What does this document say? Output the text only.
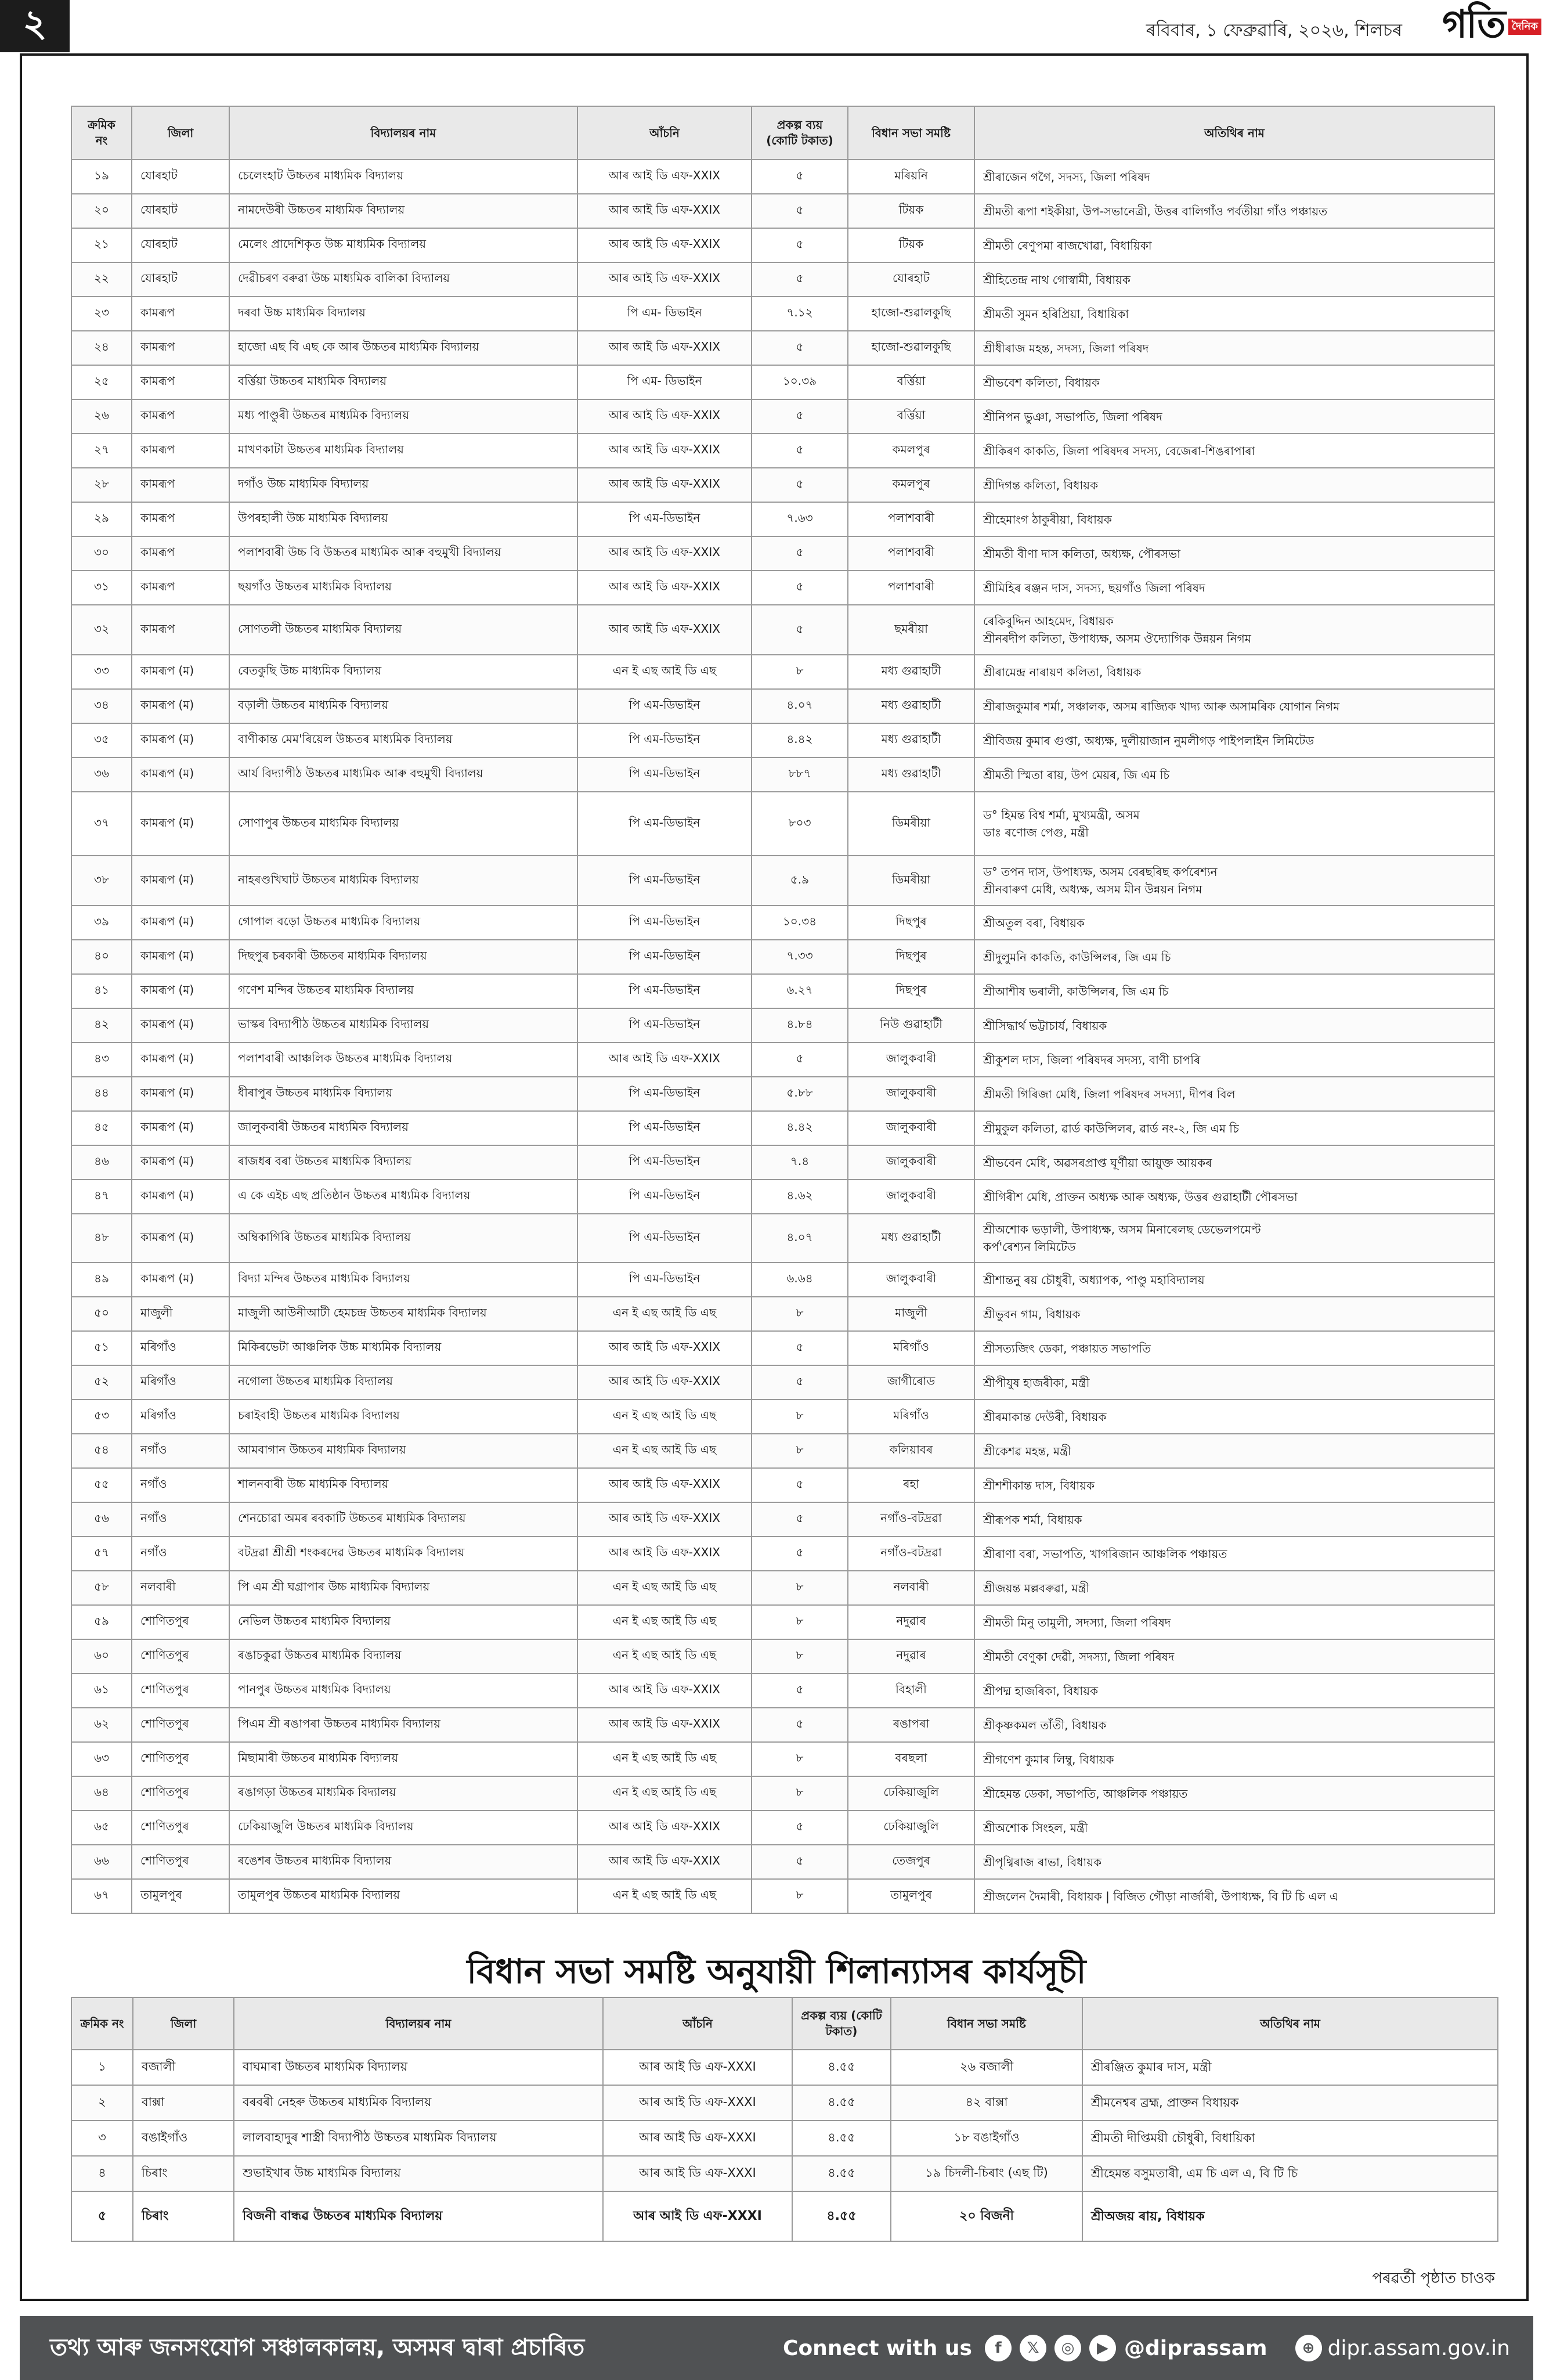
২	ৰবিবাৰ, ১ ফেব্ৰুৱাৰি, ২০২৬, শিলচৰ গতি দৈনিক
ক্ৰমিক নং	জিলা	বিদ্যালয়ৰ নাম	আঁচনি	প্ৰকল্প ব্যয় (কোটি টকাত)	বিধান সভা সমষ্টি	অতিথিৰ নাম
১৯	যোৰহাট	চেলেংহাট উচ্চতৰ মাধ্যমিক বিদ্যালয়	আৰ আই ডি এফ-XXIX	৫	মৰিয়নি	শ্ৰীৰাজেন গগৈ, সদস্য, জিলা পৰিষদ
২০	যোৰহাট	নামদেউৰী উচ্চতৰ মাধ্যমিক বিদ্যালয়	আৰ আই ডি এফ-XXIX	৫	টিয়ক	শ্ৰীমতী ৰূপা শইকীয়া, উপ-সভানেত্ৰী, উত্তৰ বালিগাঁও পৰ্বতীয়া গাঁও পঞ্চায়ত
২১	যোৰহাট	মেলেং প্ৰাদেশিকৃত উচ্চ মাধ্যমিক বিদ্যালয়	আৰ আই ডি এফ-XXIX	৫	টিয়ক	শ্ৰীমতী ৰেণুপমা ৰাজখোৱা, বিধায়িকা
২২	যোৰহাট	দেৱীচৰণ বৰুৱা উচ্চ মাধ্যমিক বালিকা বিদ্যালয়	আৰ আই ডি এফ-XXIX	৫	যোৰহাট	শ্ৰীহিতেন্দ্ৰ নাথ গোস্বামী, বিধায়ক
২৩	কামৰূপ	দৰবা উচ্চ মাধ্যমিক বিদ্যালয়	পি এম- ডিভাইন	৭.১২	হাজো-শুৱালকুছি	শ্ৰীমতী সুমন হৰিপ্ৰিয়া, বিধায়িকা
২৪	কামৰূপ	হাজো এছ বি এছ কে আৰ উচ্চতৰ মাধ্যমিক বিদ্যালয়	আৰ আই ডি এফ-XXIX	৫	হাজো-শুৱালকুছি	শ্ৰীধীৰাজ মহন্ত, সদস্য, জিলা পৰিষদ
২৫	কামৰূপ	বৰ্ত্তিয়া উচ্চতৰ মাধ্যমিক বিদ্যালয়	পি এম- ডিভাইন	১০.৩৯	বৰ্ত্তিয়া	শ্ৰীভবেশ কলিতা, বিধায়ক
২৬	কামৰূপ	মধ্য পাণ্ডুৰী উচ্চতৰ মাধ্যমিক বিদ্যালয়	আৰ আই ডি এফ-XXIX	৫	বৰ্ত্তিয়া	শ্ৰীনিপন ভুঞা, সভাপতি, জিলা পৰিষদ
২৭	কামৰূপ	মাখণকাটা উচ্চতৰ মাধ্যমিক বিদ্যালয়	আৰ আই ডি এফ-XXIX	৫	কমলপুৰ	শ্ৰীকিৰণ কাকতি, জিলা পৰিষদৰ সদস্য, বেজেৰা-শিঙৰাপাৰা
২৮	কামৰূপ	দগাঁও উচ্চ মাধ্যমিক বিদ্যালয়	আৰ আই ডি এফ-XXIX	৫	কমলপুৰ	শ্ৰীদিগন্ত কলিতা, বিধায়ক
২৯	কামৰূপ	উপৰহালী উচ্চ মাধ্যমিক বিদ্যালয়	পি এম-ডিভাইন	৭.৬৩	পলাশবাৰী	শ্ৰীহেমাংগ ঠাকুৰীয়া, বিধায়ক
৩০	কামৰূপ	পলাশবাৰী উচ্চ বি উচ্চতৰ মাধ্যমিক আৰু বহুমুখী বিদ্যালয়	আৰ আই ডি এফ-XXIX	৫	পলাশবাৰী	শ্ৰীমতী বীণা দাস কলিতা, অধ্যক্ষ, পৌৰসভা
৩১	কামৰূপ	ছয়গাঁও উচ্চতৰ মাধ্যমিক বিদ্যালয়	আৰ আই ডি এফ-XXIX	৫	পলাশবাৰী	শ্ৰীমিহিৰ ৰঞ্জন দাস, সদস্য, ছয়গাঁও জিলা পৰিষদ
৩২	কামৰূপ	সোণতলী উচ্চতৰ মাধ্যমিক বিদ্যালয়	আৰ আই ডি এফ-XXIX	৫	ছমৰীয়া	ৰেকিবুদ্দিন আহমেদ, বিধায়ক
শ্ৰীনৰদীপ কলিতা, উপাধ্যক্ষ, অসম ঔদ্যোগিক উন্নয়ন নিগম
৩৩	কামৰূপ (ম)	বেতকুছি উচ্চ মাধ্যমিক বিদ্যালয়	এন ই এছ আই ডি এছ	৮	মধ্য গুৱাহাটী	শ্ৰীৰামেন্দ্ৰ নাৰায়ণ কলিতা, বিধায়ক
৩৪	কামৰূপ (ম)	বড়ালী উচ্চতৰ মাধ্যমিক বিদ্যালয়	পি এম-ডিভাইন	৪.০৭	মধ্য গুৱাহাটী	শ্ৰীৰাজকুমাৰ শৰ্মা, সঞ্চালক, অসম ৰাজ্যিক খাদ্য আৰু অসামৰিক যোগান নিগম
৩৫	কামৰূপ (ম)	বাণীকান্ত মেম'ৰিয়েল উচ্চতৰ মাধ্যমিক বিদ্যালয়	পি এম-ডিভাইন	৪.৪২	মধ্য গুৱাহাটী	শ্ৰীবিজয় কুমাৰ গুপ্তা, অধ্যক্ষ, দুলীয়াজান নুমলীগড় পাইপলাইন লিমিটেড
৩৬	কামৰূপ (ম)	আৰ্য বিদ্যাপীঠ উচ্চতৰ মাধ্যমিক আৰু বহুমুখী বিদ্যালয়	পি এম-ডিভাইন	৮৮৭	মধ্য গুৱাহাটী	শ্ৰীমতী স্মিতা ৰায়, উপ মেয়ৰ, জি এম চি
৩৭	কামৰূপ (ম)	সোণাপুৰ উচ্চতৰ মাধ্যমিক বিদ্যালয়	পি এম-ডিভাইন	৮০৩	ডিমৰীয়া	ড° হিমন্ত বিশ্ব শৰ্মা, মুখ্যমন্ত্ৰী, অসম
ডাঃ ৰণোজ পেগু, মন্ত্ৰী
৩৮	কামৰূপ (ম)	নাহৰণ্ডখিঘাট উচ্চতৰ মাধ্যমিক বিদ্যালয়	পি এম-ডিভাইন	৫.৯	ডিমৰীয়া	ড° তপন দাস, উপাধ্যক্ষ, অসম বেৰছৰিছ কৰ্পৰেশ্যন
শ্ৰীনবাৰুণ মেধি, অধ্যক্ষ, অসম মীন উন্নয়ন নিগম
৩৯	কামৰূপ (ম)	গোপাল বড়ো উচ্চতৰ মাধ্যমিক বিদ্যালয়	পি এম-ডিভাইন	১০.৩৪	দিছপুৰ	শ্ৰীঅতুল বৰা, বিধায়ক
৪০	কামৰূপ (ম)	দিছপুৰ চৰকাৰী উচ্চতৰ মাধ্যমিক বিদ্যালয়	পি এম-ডিভাইন	৭.৩৩	দিছপুৰ	শ্ৰীদুলুমনি কাকতি, কাউন্সিলৰ, জি এম চি
৪১	কামৰূপ (ম)	গণেশ মন্দিৰ উচ্চতৰ মাধ্যমিক বিদ্যালয়	পি এম-ডিভাইন	৬.২৭	দিছপুৰ	শ্ৰীআশীষ ভৰালী, কাউন্সিলৰ, জি এম চি
৪২	কামৰূপ (ম)	ভাস্কৰ বিদ্যাপীঠ উচ্চতৰ মাধ্যমিক বিদ্যালয়	পি এম-ডিভাইন	৪.৮৪	নিউ গুৱাহাটী	শ্ৰীসিদ্ধাৰ্থ ভট্টাচাৰ্য, বিধায়ক
৪৩	কামৰূপ (ম)	পলাশবাৰী আঞ্চলিক উচ্চতৰ মাধ্যমিক বিদ্যালয়	আৰ আই ডি এফ-XXIX	৫	জালুকবাৰী	শ্ৰীকুশল দাস, জিলা পৰিষদৰ সদস্য, বাণী চাপৰি
৪৪	কামৰূপ (ম)	ধীৰাপুৰ উচ্চতৰ মাধ্যমিক বিদ্যালয়	পি এম-ডিভাইন	৫.৮৮	জালুকবাৰী	শ্ৰীমতী গিৰিজা মেধি, জিলা পৰিষদৰ সদস্যা, দীপৰ বিল
৪৫	কামৰূপ (ম)	জালুকবাৰী উচ্চতৰ মাধ্যমিক বিদ্যালয়	পি এম-ডিভাইন	৪.৪২	জালুকবাৰী	শ্ৰীমুকুল কলিতা, ৱাৰ্ড কাউন্সিলৰ, ৱাৰ্ড নং-২, জি এম চি
৪৬	কামৰূপ (ম)	ৰাজধৰ বৰা উচ্চতৰ মাধ্যমিক বিদ্যালয়	পি এম-ডিভাইন	৭.৪	জালুকবাৰী	শ্ৰীভবেন মেধি, অৱসৰপ্ৰাপ্ত ঘূৰ্ণীয়া আয়ুক্ত আয়কৰ
৪৭	কামৰূপ (ম)	এ কে এইচ এছ প্ৰতিষ্ঠান উচ্চতৰ মাধ্যমিক বিদ্যালয়	পি এম-ডিভাইন	৪.৬২	জালুকবাৰী	শ্ৰীগিৰীশ মেধি, প্ৰাক্তন অধ্যক্ষ আৰু অধ্যক্ষ, উত্তৰ গুৱাহাটী পৌৰসভা
৪৮	কামৰূপ (ম)	অম্বিকাগিৰি উচ্চতৰ মাধ্যমিক বিদ্যালয়	পি এম-ডিভাইন	৪.০৭	মধ্য গুৱাহাটী	শ্ৰীঅশোক ভড়ালী, উপাধ্যক্ষ, অসম মিনাৰেলছ ডেভেলপমেণ্ট
কৰ্প'ৰেশ্যন লিমিটেড
৪৯	কামৰূপ (ম)	বিদ্যা মন্দিৰ উচ্চতৰ মাধ্যমিক বিদ্যালয়	পি এম-ডিভাইন	৬.৬৪	জালুকবাৰী	শ্ৰীশান্তনু ৰয় চৌধুৰী, অধ্যাপক, পাণ্ডু মহাবিদ্যালয়
৫০	মাজুলী	মাজুলী আউনীআটী হেমচন্দ্ৰ উচ্চতৰ মাধ্যমিক বিদ্যালয়	এন ই এছ আই ডি এছ	৮	মাজুলী	শ্ৰীভুবন গাম, বিধায়ক
৫১	মৰিগাঁও	মিকিৰভেটা আঞ্চলিক উচ্চ মাধ্যমিক বিদ্যালয়	আৰ আই ডি এফ-XXIX	৫	মৰিগাঁও	শ্ৰীসত্যজিৎ ডেকা, পঞ্চায়ত সভাপতি
৫২	মৰিগাঁও	নগোলা উচ্চতৰ মাধ্যমিক বিদ্যালয়	আৰ আই ডি এফ-XXIX	৫	জাগীৰোড	শ্ৰীপীযুষ হাজৰীকা, মন্ত্ৰী
৫৩	মৰিগাঁও	চৰাইবাহী উচ্চতৰ মাধ্যমিক বিদ্যালয়	এন ই এছ আই ডি এছ	৮	মৰিগাঁও	শ্ৰীৰমাকান্ত দেউৰী, বিধায়ক
৫৪	নগাঁও	আমবাগান উচ্চতৰ মাধ্যমিক বিদ্যালয়	এন ই এছ আই ডি এছ	৮	কলিয়াবৰ	শ্ৰীকেশৱ মহন্ত, মন্ত্ৰী
৫৫	নগাঁও	শালনবাৰী উচ্চ মাধ্যমিক বিদ্যালয়	আৰ আই ডি এফ-XXIX	৫	ৰহা	শ্ৰীশশীকান্ত দাস, বিধায়ক
৫৬	নগাঁও	শেনচোৱা অমৰ ৰবকাটি উচ্চতৰ মাধ্যমিক বিদ্যালয়	আৰ আই ডি এফ-XXIX	৫	নগাঁও-বটদ্ৰৱা	শ্ৰীৰূপক শৰ্মা, বিধায়ক
৫৭	নগাঁও	বটদ্ৰৱা শ্ৰীশ্ৰী শংকৰদেৱ উচ্চতৰ মাধ্যমিক বিদ্যালয়	আৰ আই ডি এফ-XXIX	৫	নগাঁও-বটদ্ৰৱা	শ্ৰীৰাণা বৰা, সভাপতি, খাগৰিজান আঞ্চলিক পঞ্চায়ত
৫৮	নলবাৰী	পি এম শ্ৰী ঘগ্ৰাপাৰ উচ্চ মাধ্যমিক বিদ্যালয়	এন ই এছ আই ডি এছ	৮	নলবাৰী	শ্ৰীজয়ন্ত মল্লবৰুৱা, মন্ত্ৰী
৫৯	শোণিতপুৰ	নেভিল উচ্চতৰ মাধ্যমিক বিদ্যালয়	এন ই এছ আই ডি এছ	৮	নদুৱাৰ	শ্ৰীমতী মিনু তামুলী, সদস্যা, জিলা পৰিষদ
৬০	শোণিতপুৰ	ৰঙাচকুৱা উচ্চতৰ মাধ্যমিক বিদ্যালয়	এন ই এছ আই ডি এছ	৮	নদুৱাৰ	শ্ৰীমতী বেণুকা দেৱী, সদস্যা, জিলা পৰিষদ
৬১	শোণিতপুৰ	পানপুৰ উচ্চতৰ মাধ্যমিক বিদ্যালয়	আৰ আই ডি এফ-XXIX	৫	বিহালী	শ্ৰীপদ্ম হাজৰিকা, বিধায়ক
৬২	শোণিতপুৰ	পিএম শ্ৰী ৰঙাপৰা উচ্চতৰ মাধ্যমিক বিদ্যালয়	আৰ আই ডি এফ-XXIX	৫	ৰঙাপৰা	শ্ৰীকৃষ্ণকমল তাঁতী, বিধায়ক
৬৩	শোণিতপুৰ	মিছামাৰী উচ্চতৰ মাধ্যমিক বিদ্যালয়	এন ই এছ আই ডি এছ	৮	বৰছলা	শ্ৰীগণেশ কুমাৰ লিম্বু, বিধায়ক
৬৪	শোণিতপুৰ	ৰঙাগড়া উচ্চতৰ মাধ্যমিক বিদ্যালয়	এন ই এছ আই ডি এছ	৮	ঢেকিয়াজুলি	শ্ৰীহেমন্ত ডেকা, সভাপতি, আঞ্চলিক পঞ্চায়ত
৬৫	শোণিতপুৰ	ঢেকিয়াজুলি উচ্চতৰ মাধ্যমিক বিদ্যালয়	আৰ আই ডি এফ-XXIX	৫	ঢেকিয়াজুলি	শ্ৰীঅশোক সিংহল, মন্ত্ৰী
৬৬	শোণিতপুৰ	ৰঙেশৰ উচ্চতৰ মাধ্যমিক বিদ্যালয়	আৰ আই ডি এফ-XXIX	৫	তেজপুৰ	শ্ৰীপৃথ্বিৰাজ ৰাভা, বিধায়ক
৬৭	তামুলপুৰ	তামুলপুৰ উচ্চতৰ মাধ্যমিক বিদ্যালয়	এন ই এছ আই ডি এছ	৮	তামুলপুৰ	শ্ৰীজলেন দৈমাৰী, বিধায়ক | বিজিত গৌড়া নাৰ্জাৰী, উপাধ্যক্ষ, বি টি চি এল এ
বিধান সভা সমষ্টি অনুযায়ী শিলান্যাসৰ কাৰ্যসূচী
ক্ৰমিক নং	জিলা	বিদ্যালয়ৰ নাম	আঁচনি	প্ৰকল্প ব্যয় (কোটি টকাত)	বিধান সভা সমষ্টি	অতিথিৰ নাম
১	বজালী	বাঘমাৰা উচ্চতৰ মাধ্যমিক বিদ্যালয়	আৰ আই ডি এফ-XXXI	৪.৫৫	২৬ বজালী	শ্ৰীৰঞ্জিত কুমাৰ দাস, মন্ত্ৰী
২	বাক্সা	বৰবৰী নেহৰু উচ্চতৰ মাধ্যমিক বিদ্যালয়	আৰ আই ডি এফ-XXXI	৪.৫৫	৪২ বাক্সা	শ্ৰীমনেশ্বৰ ব্ৰহ্ম, প্ৰাক্তন বিধায়ক
৩	বঙাইগাঁও	লালবাহাদুৰ শাস্ত্ৰী বিদ্যাপীঠ উচ্চতৰ মাধ্যমিক বিদ্যালয়	আৰ আই ডি এফ-XXXI	৪.৫৫	১৮ বঙাইগাঁও	শ্ৰীমতী দীপ্তিময়ী চৌধুৰী, বিধায়িকা
৪	চিৰাং	শুভাইখাৰ উচ্চ মাধ্যমিক বিদ্যালয়	আৰ আই ডি এফ-XXXI	৪.৫৫	১৯ চিদলী-চিৰাং (এছ টি)	শ্ৰীহেমন্ত বসুমতাৰী, এম চি এল এ, বি টি চি
৫	চিৰাং	বিজনী বান্ধৱ উচ্চতৰ মাধ্যমিক বিদ্যালয়	আৰ আই ডি এফ-XXXI	৪.৫৫	২০ বিজনী	শ্ৰীঅজয় ৰায়, বিধায়ক
পৰৱৰ্তী পৃষ্ঠাত চাওক
তথ্য আৰু জনসংযোগ সঞ্চালকালয়, অসমৰ দ্বাৰা প্ৰচাৰিত	Connect with us	f	𝕏	◎	▶ @diprassam	⊕ dipr.assam.gov.in
